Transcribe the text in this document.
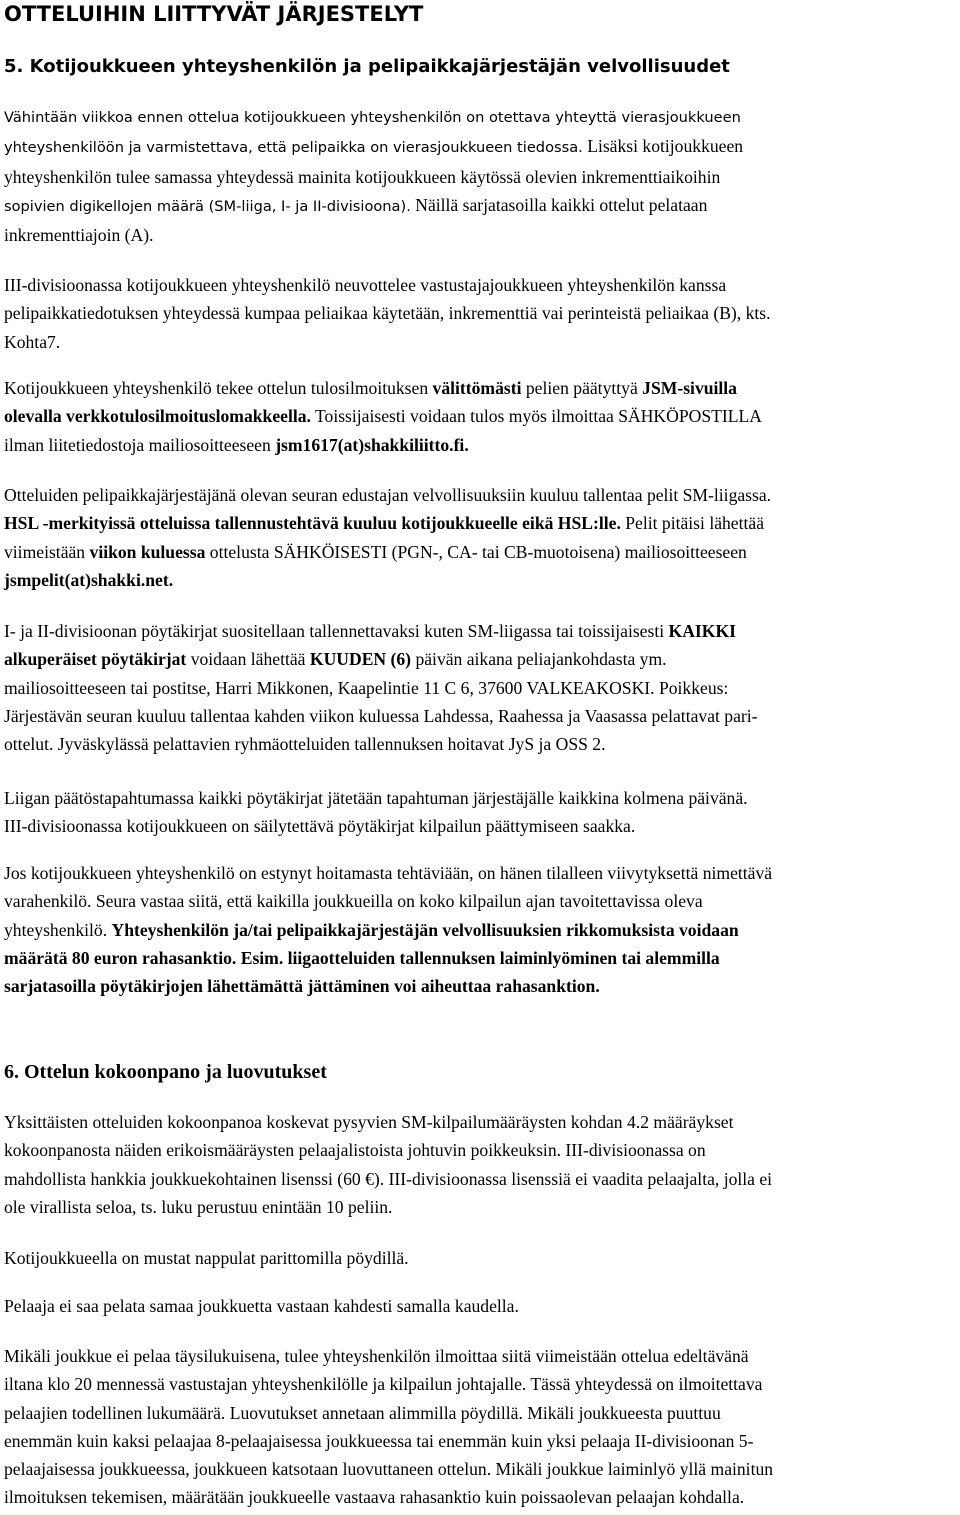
OTTELUIHIN LIITTYVÄT JÄRJESTELYT
5. Kotijoukkueen yhteyshenkilön ja pelipaikkajärjestäjän velvollisuudet
Vähintään viikkoa ennen ottelua kotijoukkueen yhteyshenkilön on otettava yhteyttä vierasjoukkueen
yhteyshenkilöön ja varmistettava, että pelipaikka on vierasjoukkueen tiedossa. Lisäksi kotijoukkueen
yhteyshenkilön tulee samassa yhteydessä mainita kotijoukkueen käytössä olevien inkrementtiaikoihin
sopivien digikellojen määrä (SM-liiga, I- ja II-divisioona). Näillä sarjatasoilla kaikki ottelut pelataan
inkrementtiajoin (A).
III-divisioonassa kotijoukkueen yhteyshenkilö neuvottelee vastustajajoukkueen yhteyshenkilön kanssa
pelipaikkatiedotuksen yhteydessä kumpaa peliaikaa käytetään, inkrementtiä vai perinteistä peliaikaa (B), kts.
Kohta7.
Kotijoukkueen yhteyshenkilö tekee ottelun tulosilmoituksen välittömästi pelien päätyttyä JSM-sivuilla
olevalla verkkotulosilmoituslomakkeella. Toissijaisesti voidaan tulos myös ilmoittaa SÄHKÖPOSTILLA
ilman liitetiedostoja mailiosoitteeseen jsm1617(at)shakkiliitto.fi.
Otteluiden pelipaikkajärjestäjänä olevan seuran edustajan velvollisuuksiin kuuluu tallentaa pelit SM-liigassa.
HSL -merkityissä otteluissa tallennustehtävä kuuluu kotijoukkueelle eikä HSL:lle. Pelit pitäisi lähettää
viimeistään viikon kuluessa ottelusta SÄHKÖISESTI (PGN-, CA- tai CB-muotoisena) mailiosoitteeseen
jsmpelit(at)shakki.net.
I- ja II-divisioonan pöytäkirjat suositellaan tallennettavaksi kuten SM-liigassa tai toissijaisesti KAIKKI
alkuperäiset pöytäkirjat voidaan lähettää KUUDEN (6) päivän aikana peliajankohdasta ym.
mailiosoitteeseen tai postitse, Harri Mikkonen, Kaapelintie 11 C 6, 37600 VALKEAKOSKI. Poikkeus:
Järjestävän seuran kuuluu tallentaa kahden viikon kuluessa Lahdessa, Raahessa ja Vaasassa pelattavat pari-
ottelut. Jyväskylässä pelattavien ryhmäotteluiden tallennuksen hoitavat JyS ja OSS 2.
Liigan päätöstapahtumassa kaikki pöytäkirjat jätetään tapahtuman järjestäjälle kaikkina kolmena päivänä.
III-divisioonassa kotijoukkueen on säilytettävä pöytäkirjat kilpailun päättymiseen saakka.
Jos kotijoukkueen yhteyshenkilö on estynyt hoitamasta tehtäviään, on hänen tilalleen viivytyksettä nimettävä
varahenkilö. Seura vastaa siitä, että kaikilla joukkueilla on koko kilpailun ajan tavoitettavissa oleva
yhteyshenkilö. Yhteyshenkilön ja/tai pelipaikkajärjestäjän velvollisuuksien rikkomuksista voidaan
määrätä 80 euron rahasanktio. Esim. liigaotteluiden tallennuksen laiminlyöminen tai alemmilla
sarjatasoilla pöytäkirjojen lähettämättä jättäminen voi aiheuttaa rahasanktion.
6. Ottelun kokoonpano ja luovutukset
Yksittäisten otteluiden kokoonpanoa koskevat pysyvien SM-kilpailumääräysten kohdan 4.2 määräykset
kokoonpanosta näiden erikoismääräysten pelaajalistoista johtuvin poikkeuksin. III-divisioonassa on
mahdollista hankkia joukkuekohtainen lisenssi (60 €). III-divisioonassa lisenssiä ei vaadita pelaajalta, jolla ei
ole virallista seloa, ts. luku perustuu enintään 10 peliin.
Kotijoukkueella on mustat nappulat parittomilla pöydillä.
Pelaaja ei saa pelata samaa joukkuetta vastaan kahdesti samalla kaudella.
Mikäli joukkue ei pelaa täysilukuisena, tulee yhteyshenkilön ilmoittaa siitä viimeistään ottelua edeltävänä
iltana klo 20 mennessä vastustajan yhteyshenkilölle ja kilpailun johtajalle. Tässä yhteydessä on ilmoitettava
pelaajien todellinen lukumäärä. Luovutukset annetaan alimmilla pöydillä. Mikäli joukkueesta puuttuu
enemmän kuin kaksi pelaajaa 8-pelaajaisessa joukkueessa tai enemmän kuin yksi pelaaja II-divisioonan 5-
pelaajaisessa joukkueessa, joukkueen katsotaan luovuttaneen ottelun. Mikäli joukkue laiminlyö yllä mainitun
ilmoituksen tekemisen, määrätään joukkueelle vastaava rahasanktio kuin poissaolevan pelaajan kohdalla.
